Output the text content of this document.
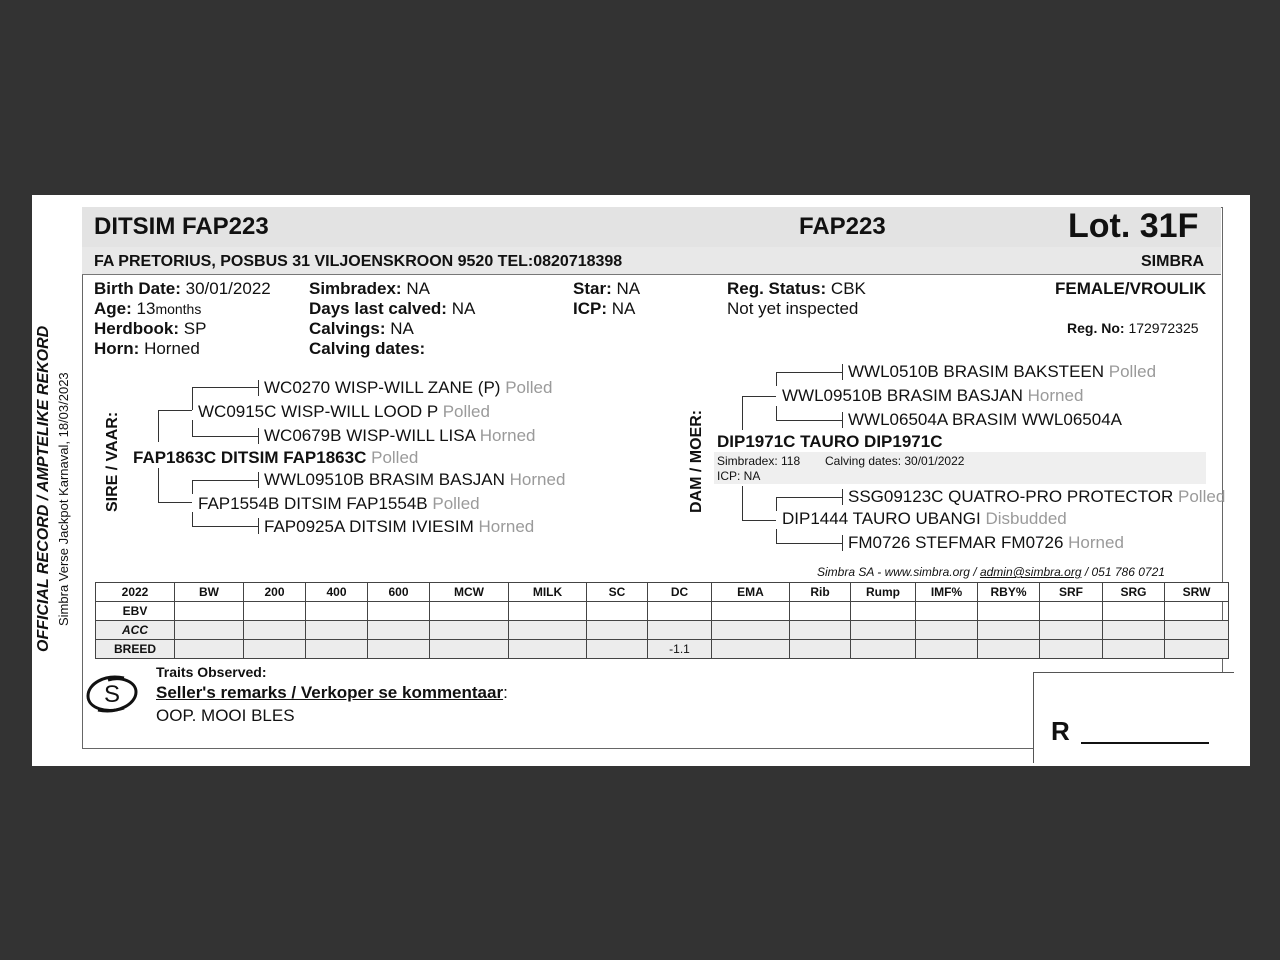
OFFICIAL RECORD / AMPTELIKE REKORD Simbra Verse Jackpot Karnaval, 18/03/2023
DITSIM FAP223	FAP223	Lot. 31F
FA PRETORIUS, POSBUS 31 VILJOENSKROON 9520 TEL:0820718398	SIMBRA
Birth Date: 30/01/2022
Age: 13months
Herdbook: SP
Horn: Horned
Simbradex: NA
Days last calved: NA
Calvings: NA
Calving dates:
Star: NA
ICP: NA
Reg. Status: CBK
Not yet inspected
FEMALE/VROULIK
Reg. No: 172972325
SIRE / VAAR:
WC0270 WISP-WILL ZANE (P) Polled
WC0915C WISP-WILL LOOD P Polled
WC0679B WISP-WILL LISA Horned
FAP1863C DITSIM FAP1863C Polled
WWL09510B BRASIM BASJAN Horned
FAP1554B DITSIM FAP1554B Polled
FAP0925A DITSIM IVIESIM Horned
DAM / MOER:
WWL0510B BRASIM BAKSTEEN Polled
WWL09510B BRASIM BASJAN Horned
WWL06504A BRASIM WWL06504A
DIP1971C TAURO DIP1971C
Simbradex: 118 Calving dates: 30/01/2022
ICP: NA
SSG09123C QUATRO-PRO PROTECTOR Polled
DIP1444 TAURO UBANGI Disbudded
FM0726 STEFMAR FM0726 Horned
Simbra SA - www.simbra.org / admin@simbra.org / 051 786 0721
2022	BW	200	400	600	MCW	MILK	SC	DC	EMA	Rib	Rump	IMF%	RBY%	SRF	SRG	SRW
EBV																
ACC																
BREED								-1.1								
S
Traits Observed:
Seller's remarks / Verkoper se kommentaar:
OOP. MOOI BLES
R
